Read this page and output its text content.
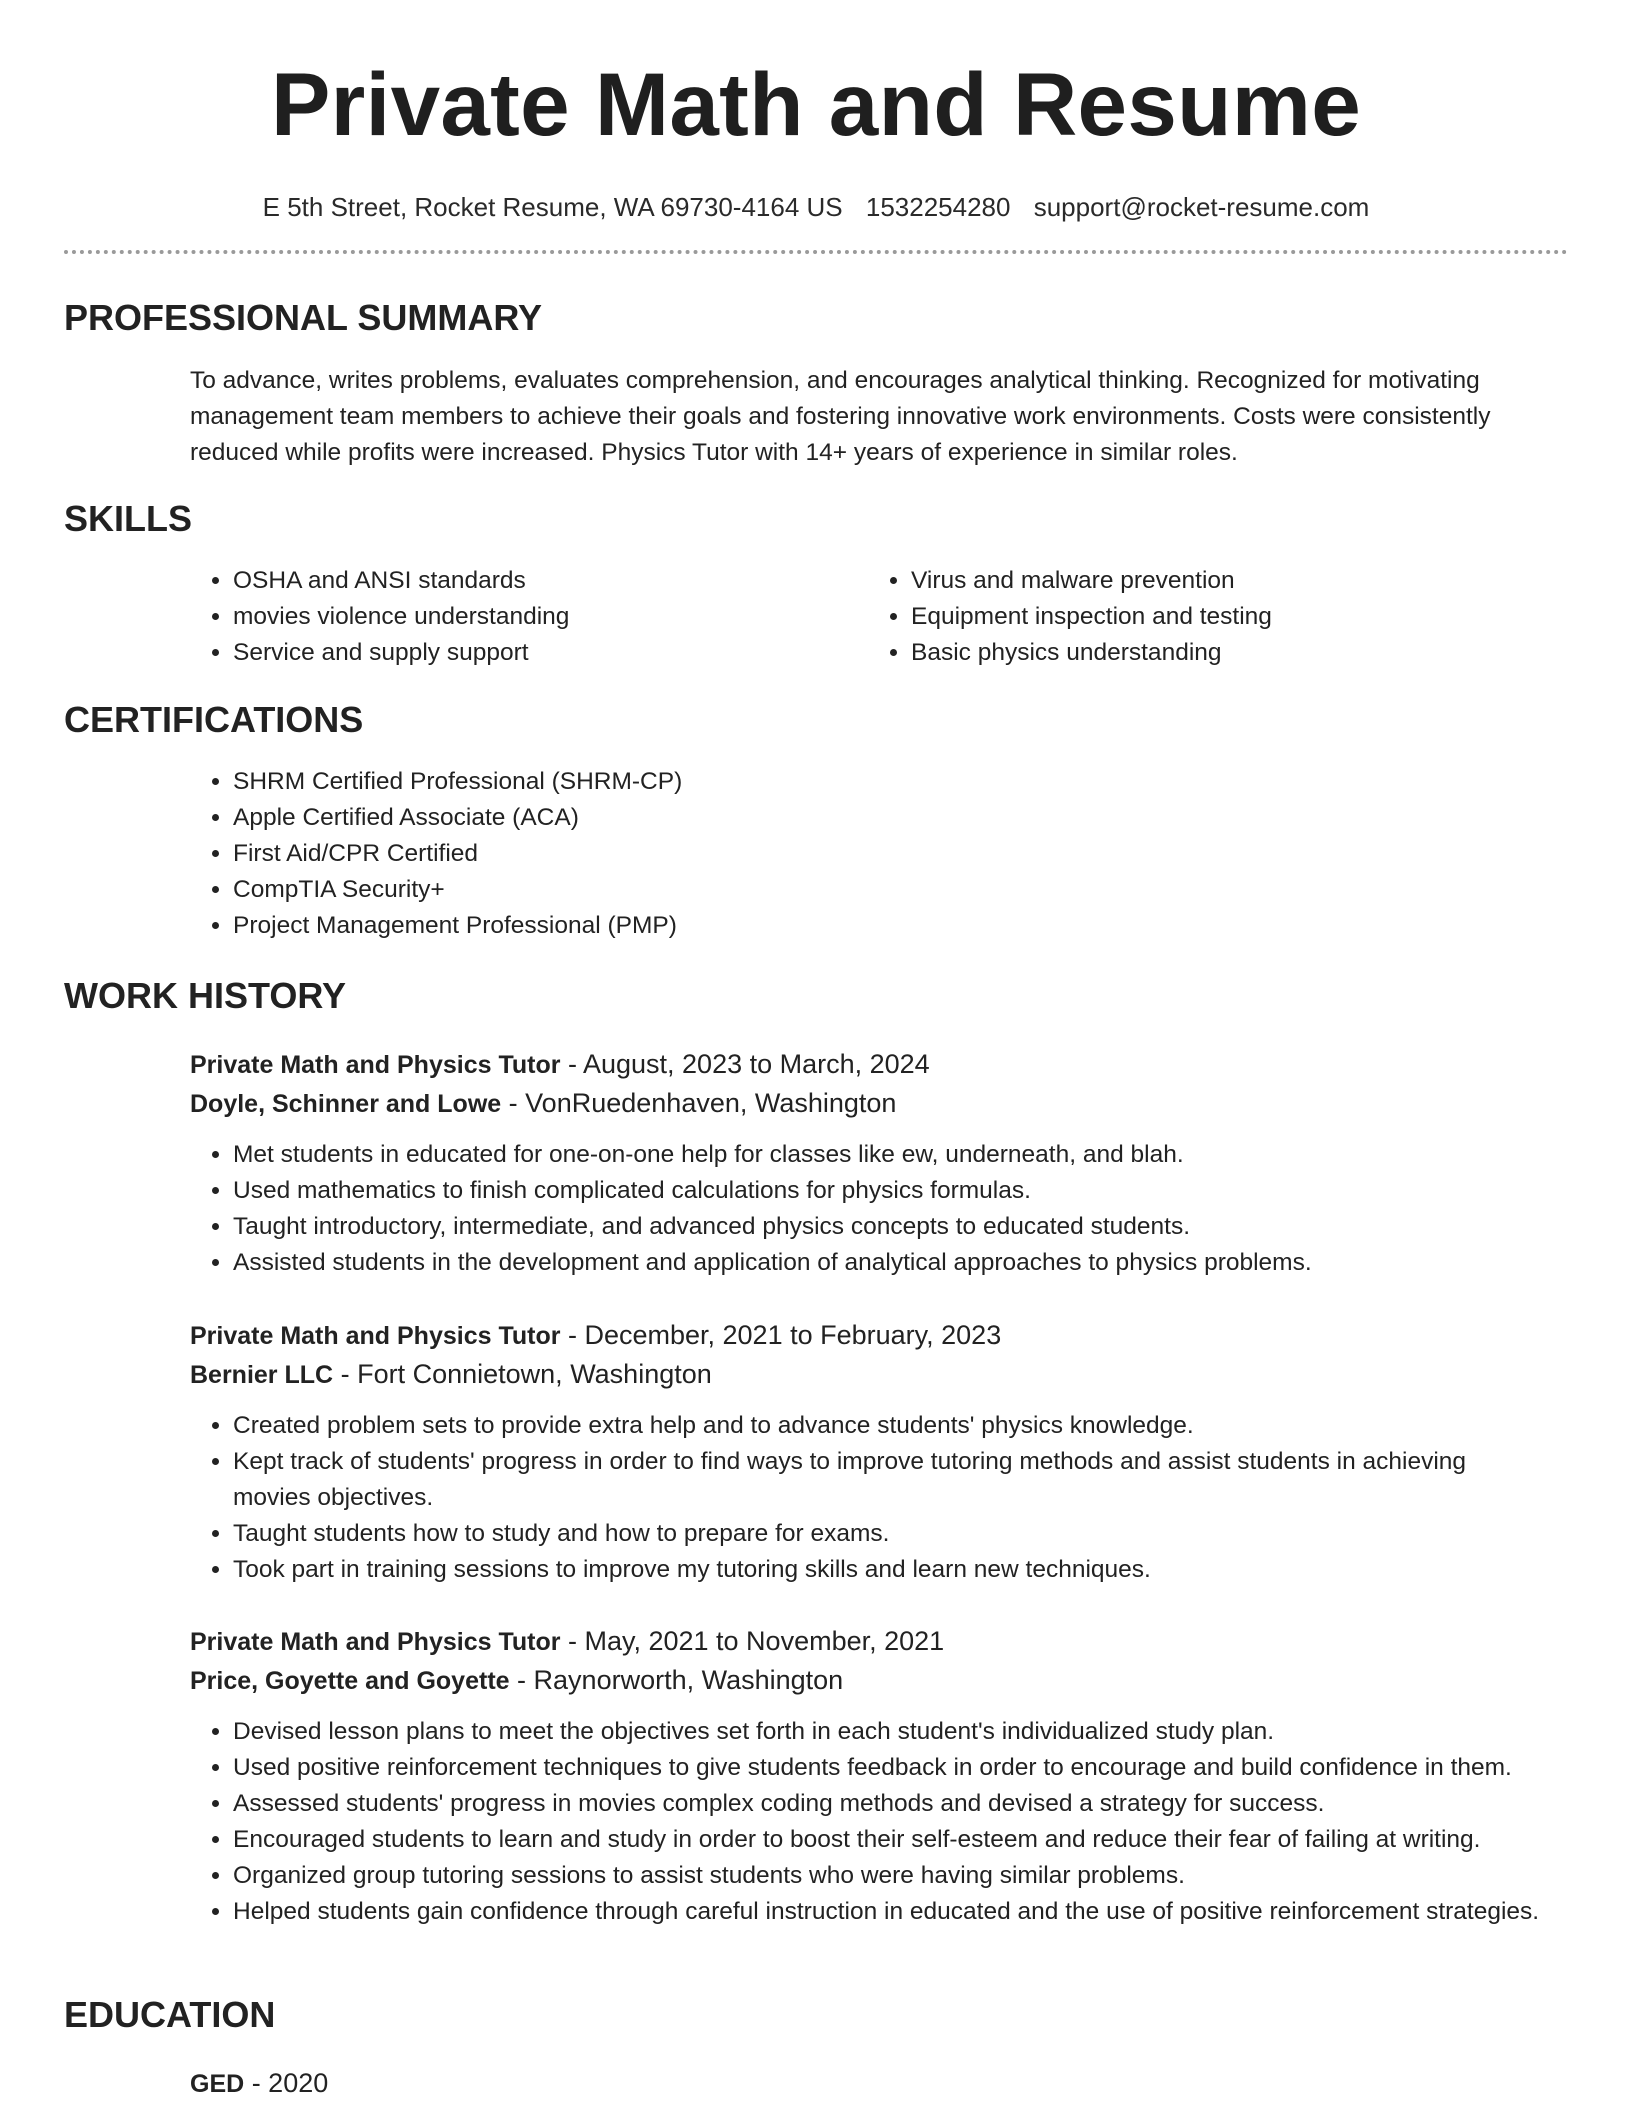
Private Math and Resume
E 5th Street, Rocket Resume, WA 69730-4164 US 1532254280 support@rocket-resume.com
PROFESSIONAL SUMMARY
To advance, writes problems, evaluates comprehension, and encourages analytical thinking. Recognized for motivating management team members to achieve their goals and fostering innovative work environments. Costs were consistently reduced while profits were increased. Physics Tutor with 14+ years of experience in similar roles.
SKILLS
• OSHA and ANSI standards
• movies violence understanding
• Service and supply support
• Virus and malware prevention
• Equipment inspection and testing
• Basic physics understanding
CERTIFICATIONS
• SHRM Certified Professional (SHRM-CP)
• Apple Certified Associate (ACA)
• First Aid/CPR Certified
• CompTIA Security+
• Project Management Professional (PMP)
WORK HISTORY
Private Math and Physics Tutor - August, 2023 to March, 2024
Doyle, Schinner and Lowe - VonRuedenhaven, Washington
• Met students in educated for one-on-one help for classes like ew, underneath, and blah.
• Used mathematics to finish complicated calculations for physics formulas.
• Taught introductory, intermediate, and advanced physics concepts to educated students.
• Assisted students in the development and application of analytical approaches to physics problems.
Private Math and Physics Tutor - December, 2021 to February, 2023
Bernier LLC - Fort Connietown, Washington
• Created problem sets to provide extra help and to advance students' physics knowledge.
• Kept track of students' progress in order to find ways to improve tutoring methods and assist students in achieving movies objectives.
• Taught students how to study and how to prepare for exams.
• Took part in training sessions to improve my tutoring skills and learn new techniques.
Private Math and Physics Tutor - May, 2021 to November, 2021
Price, Goyette and Goyette - Raynorworth, Washington
• Devised lesson plans to meet the objectives set forth in each student's individualized study plan.
• Used positive reinforcement techniques to give students feedback in order to encourage and build confidence in them.
• Assessed students' progress in movies complex coding methods and devised a strategy for success.
• Encouraged students to learn and study in order to boost their self-esteem and reduce their fear of failing at writing.
• Organized group tutoring sessions to assist students who were having similar problems.
• Helped students gain confidence through careful instruction in educated and the use of positive reinforcement strategies.
EDUCATION
GED - 2020
